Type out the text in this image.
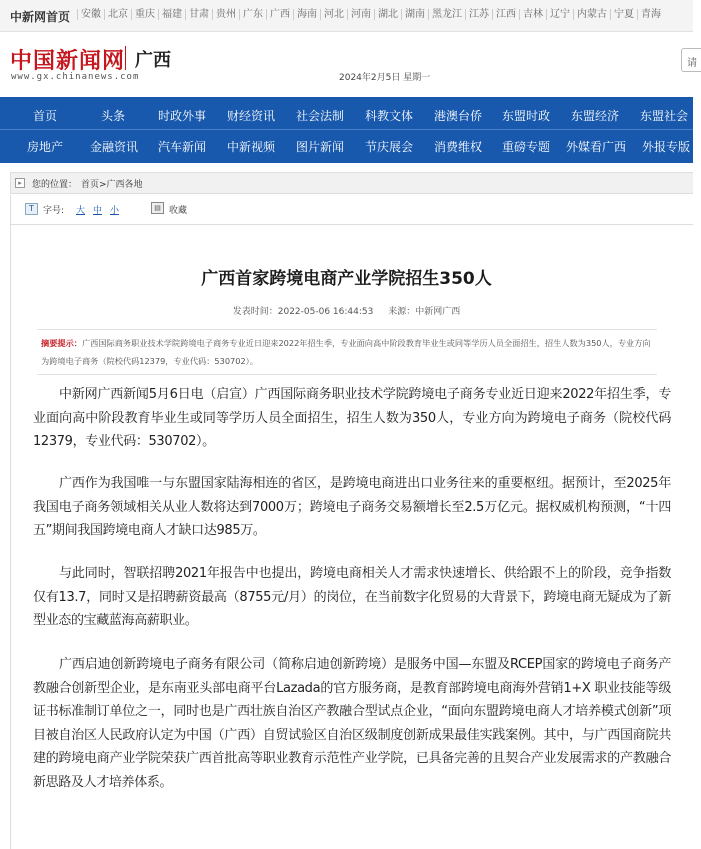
中新网首页	安徽 北京 重庆 福建 甘肃 贵州 广东 广西 海南 河北 河南 湖北 湖南 黑龙江 江苏 江西 吉林 辽宁 内蒙古 宁夏 青海
中国新闻网 广西
www.gx.chinanews.com	2024年2月5日 星期一
请
首页	头条	时政外事	财经资讯	社会法制	科教文体	港澳台侨	东盟时政	东盟经济	东盟社会
房地产	金融资讯	汽车新闻	中新视频	图片新闻	节庆展会	消费维权	重磅专题	外媒看广西	外报专版
▸	您的位置： 首页>广西各地
T	字号: 大 中 小	▤ 收藏
广西首家跨境电商产业学院招生350人
发表时间：2022-05-06 16:44:53 来源：中新网广西
摘要提示：广西国际商务职业技术学院跨境电子商务专业近日迎来2022年招生季，专业面向高中阶段教育毕业生或同等学历人员全面招生，招生人数为350人，专业方向为跨境电子商务（院校代码12379，专业代码：530702）。

中新网广西新闻5月6日电（启宣）广西国际商务职业技术学院跨境电子商务专业近日迎来2022年招生季，专业面向高中阶段教育毕业生或同等学历人员全面招生，招生人数为350人，专业方向为跨境电子商务（院校代码12379，专业代码：530702）。

广西作为我国唯一与东盟国家陆海相连的省区，是跨境电商进出口业务往来的重要枢纽。据预计，至2025年我国电子商务领域相关从业人数将达到7000万；跨境电子商务交易额增长至2.5万亿元。据权威机构预测，“十四五”期间我国跨境电商人才缺口达985万。

与此同时，智联招聘2021年报告中也提出，跨境电商相关人才需求快速增长、供给跟不上的阶段，竞争指数仅有13.7，同时又是招聘薪资最高（8755元/月）的岗位，在当前数字化贸易的大背景下，跨境电商无疑成为了新型业态的宝藏蓝海高薪职业。

广西启迪创新跨境电子商务有限公司（简称启迪创新跨境）是服务中国—东盟及RCEP国家的跨境电子商务产教融合创新型企业，是东南亚头部电商平台Lazada的官方服务商，是教育部跨境电商海外营销1+X 职业技能等级证书标准制订单位之一，同时也是广西壮族自治区产教融合型试点企业，“面向东盟跨境电商人才培养模式创新”项目被自治区人民政府认定为中国（广西）自贸试验区自治区级制度创新成果最佳实践案例。其中，与广西国商院共建的跨境电商产业学院荣获广西首批高等职业教育示范性产业学院，已具备完善的且契合产业发展需求的产教融合新思路及人才培养体系。
